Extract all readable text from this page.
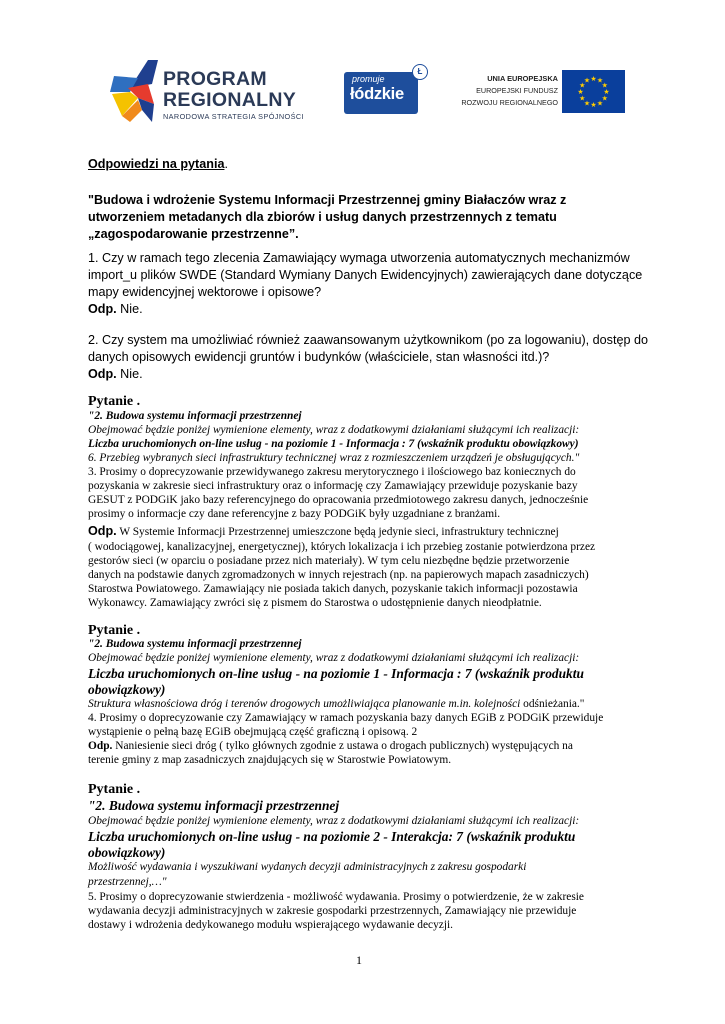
PROGRAM
REGIONALNY
NARODOWA STRATEGIA SPÓJNOŚCI
promuje
łódzkie
Ł
UNIA EUROPEJSKA
EUROPEJSKI FUNDUSZ
ROZWOJU REGIONALNEGO
★ ★
★
★
★
★
★
★
★
★
★
★
Odpowiedzi na pytania.
"Budowa i wdrożenie Systemu Informacji Przestrzennej gminy Białaczów wraz z
utworzeniem metadanych dla zbiorów i usług danych przestrzennych z tematu
„zagospodarowanie przestrzenne”.
1. Czy w ramach tego zlecenia Zamawiający wymaga utworzenia automatycznych mechanizmów
import_u plików SWDE (Standard Wymiany Danych Ewidencyjnych) zawierających dane dotyczące
mapy ewidencyjnej wektorowe i opisowe?
Odp. Nie.
2. Czy system ma umożliwiać również zaawansowanym użytkownikom (po za logowaniu), dostęp do
danych opisowych ewidencji gruntów i budynków (właściciele, stan własności itd.)?
Odp. Nie.
Pytanie .
"2. Budowa systemu informacji przestrzennej
Obejmować będzie poniżej wymienione elementy, wraz z dodatkowymi działaniami służącymi ich realizacji:
Liczba uruchomionych on-line usług - na poziomie 1 - Informacja : 7 (wskaźnik produktu obowiązkowy)
6. Przebieg wybranych sieci infrastruktury technicznej wraz z rozmieszczeniem urządzeń je obsługujących."
3. Prosimy o doprecyzowanie przewidywanego zakresu merytorycznego i ilościowego baz koniecznych do
pozyskania w zakresie sieci infrastruktury oraz o informację czy Zamawiający przewiduje pozyskanie bazy
GESUT z PODGiK jako bazy referencyjnego do opracowania przedmiotowego zakresu danych, jednocześnie
prosimy o informacje czy dane referencyjne z bazy PODGiK były uzgadniane z branżami.
Odp. W Systemie Informacji Przestrzennej umieszczone będą jedynie sieci, infrastruktury technicznej
( wodociągowej, kanalizacyjnej, energetycznej), których lokalizacja i ich przebieg zostanie potwierdzona przez
gestorów sieci (w oparciu o posiadane przez nich materiały). W tym celu niezbędne będzie przetworzenie
danych na podstawie danych zgromadzonych w innych rejestrach (np. na papierowych mapach zasadniczych)
Starostwa Powiatowego. Zamawiający nie posiada takich danych, pozyskanie takich informacji pozostawia
Wykonawcy. Zamawiający zwróci się z pismem do Starostwa o udostępnienie danych nieodpłatnie.
Pytanie .
"2. Budowa systemu informacji przestrzennej
Obejmować będzie poniżej wymienione elementy, wraz z dodatkowymi działaniami służącymi ich realizacji:
Liczba uruchomionych on-line usług - na poziomie 1 - Informacja : 7 (wskaźnik produktu
obowiązkowy)
Struktura własnościowa dróg i terenów drogowych umożliwiająca planowanie m.in. kolejności odśnieżania."
4. Prosimy o doprecyzowanie czy Zamawiający w ramach pozyskania bazy danych EGiB z PODGiK przewiduje
wystąpienie o pełną bazę EGiB obejmującą część graficzną i opisową. 2
Odp. Naniesienie sieci dróg ( tylko głównych zgodnie z ustawa o drogach publicznych) występujących na
terenie gminy z map zasadniczych znajdujących się w Starostwie Powiatowym.
Pytanie .
"2. Budowa systemu informacji przestrzennej
Obejmować będzie poniżej wymienione elementy, wraz z dodatkowymi działaniami służącymi ich realizacji:
Liczba uruchomionych on-line usług - na poziomie 2 - Interakcja: 7 (wskaźnik produktu
obowiązkowy)
Możliwość wydawania i wyszukiwani wydanych decyzji administracyjnych z zakresu gospodarki
przestrzennej,…"
5. Prosimy o doprecyzowanie stwierdzenia - możliwość wydawania. Prosimy o potwierdzenie, że w zakresie
wydawania decyzji administracyjnych w zakresie gospodarki przestrzennych, Zamawiający nie przewiduje
dostawy i wdrożenia dedykowanego modułu wspierającego wydawanie decyzji.
1
